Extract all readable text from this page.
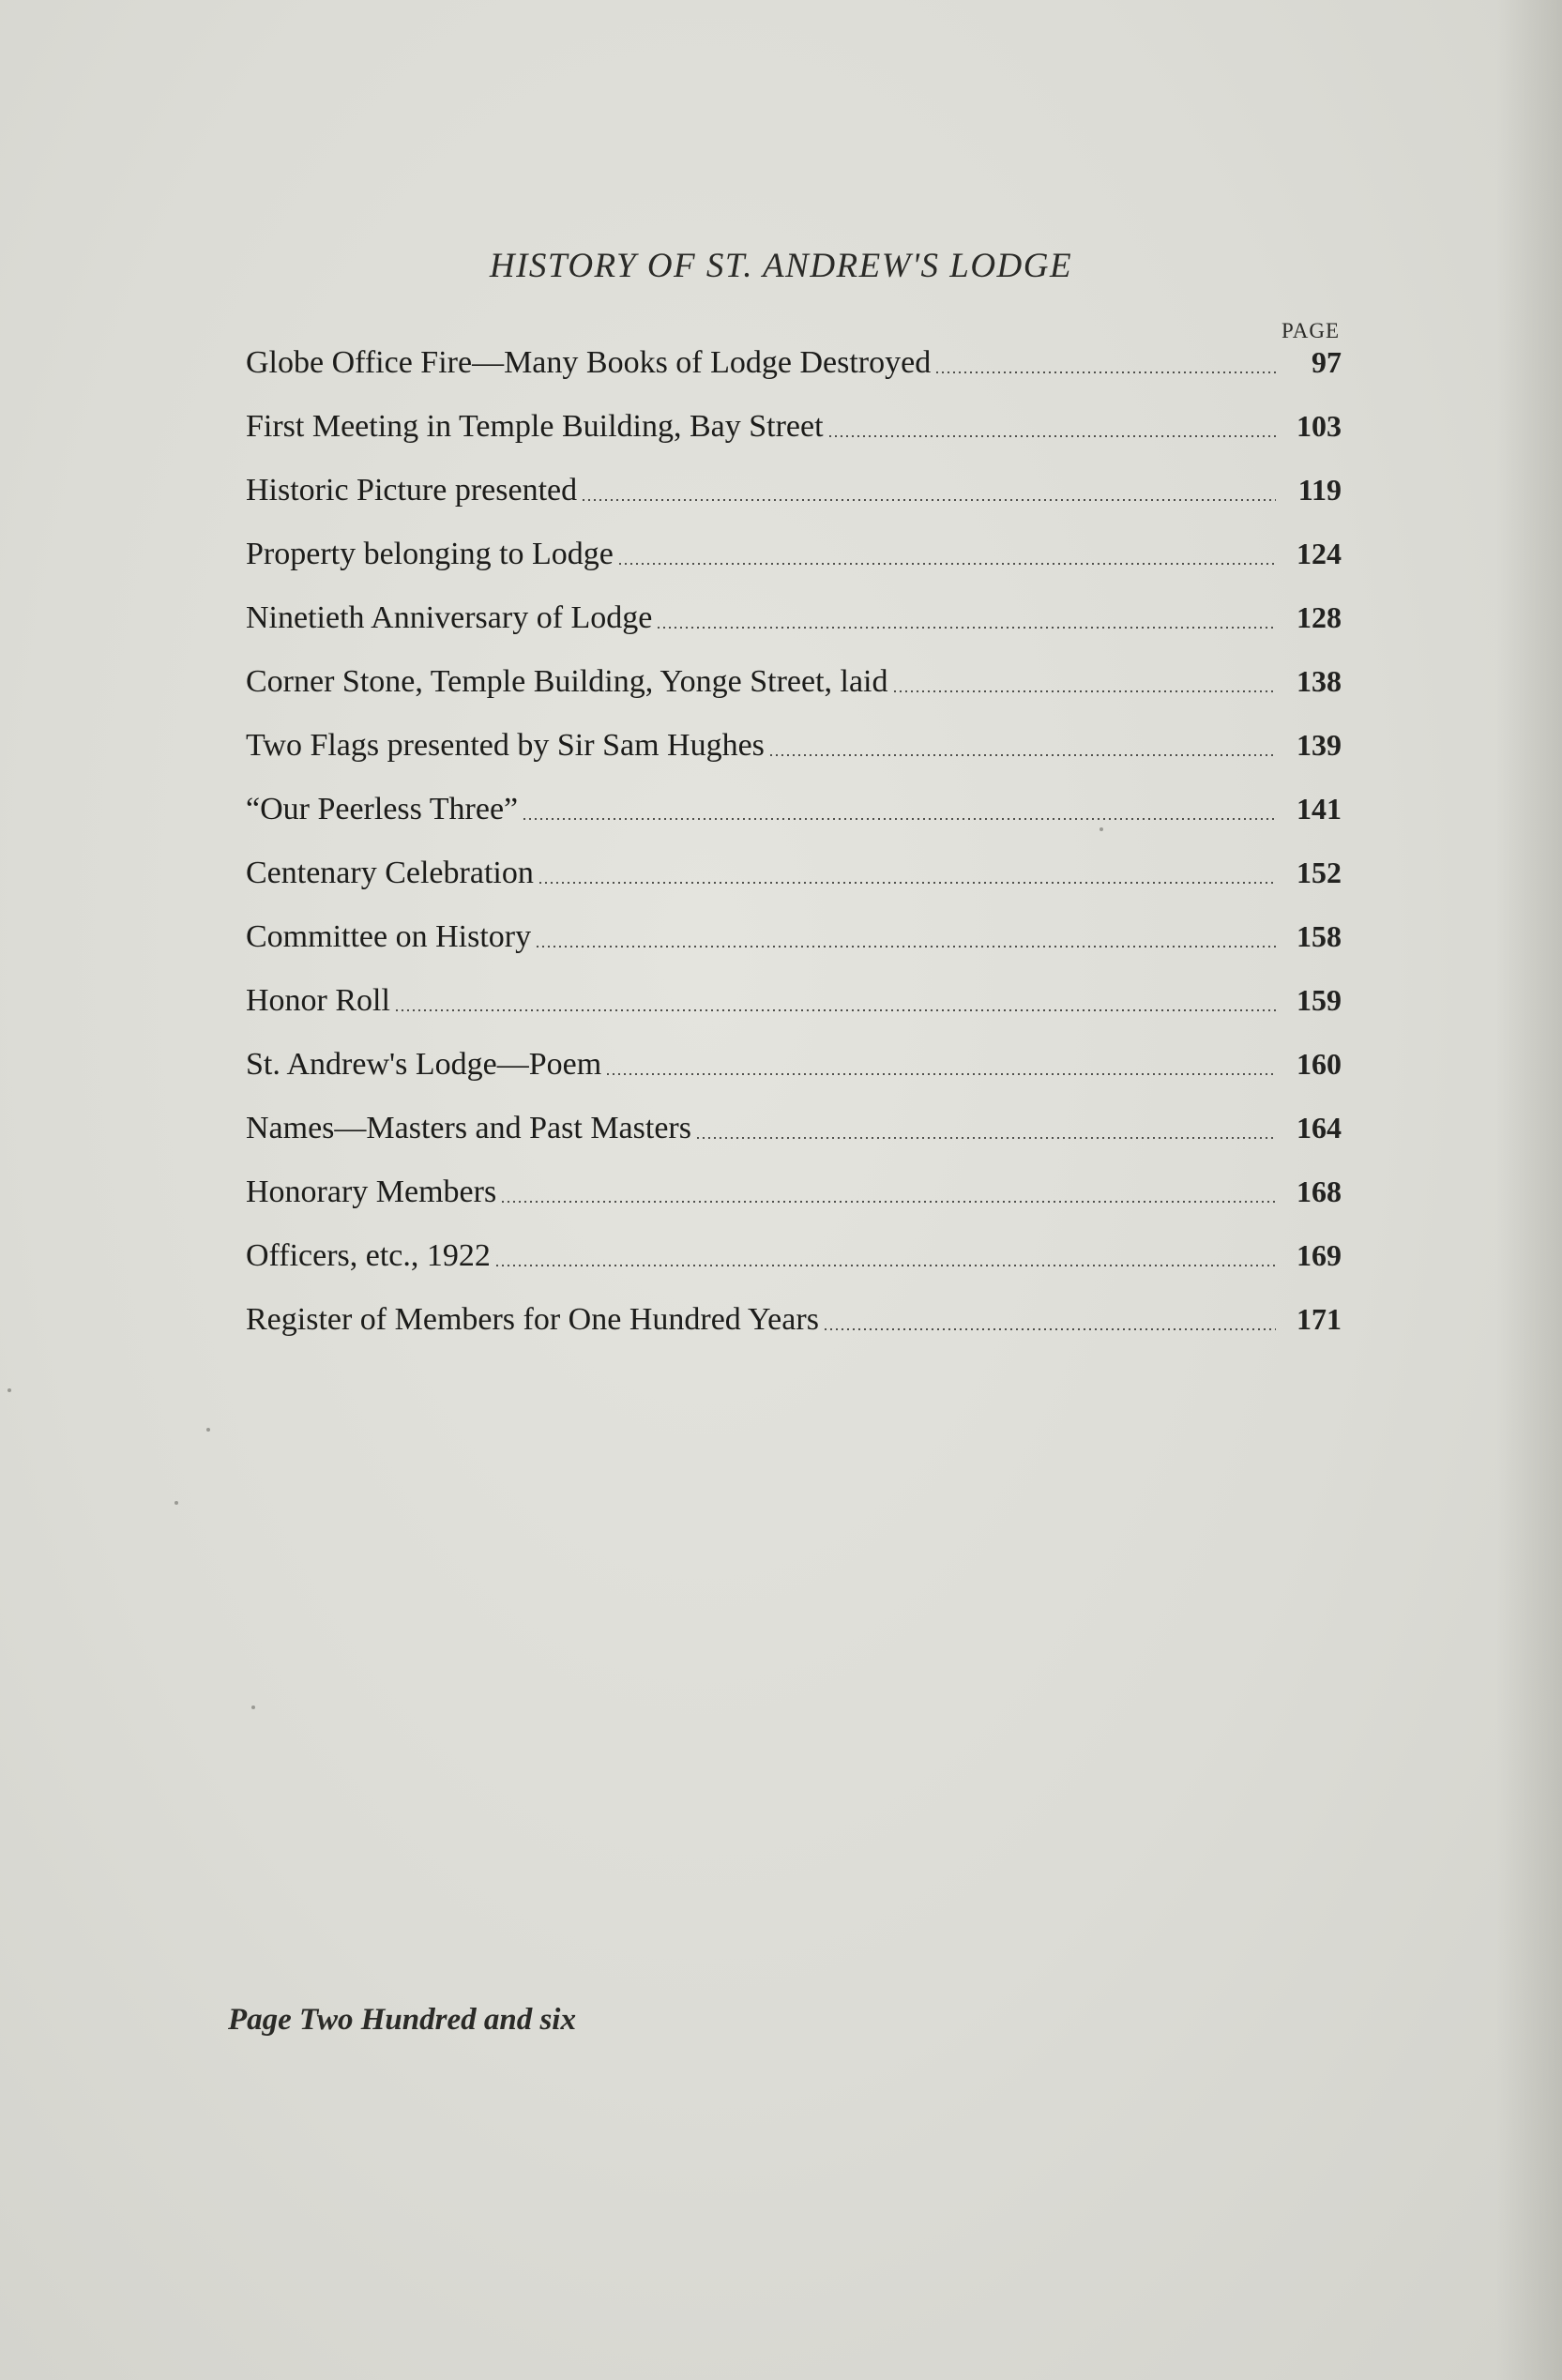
HISTORY OF ST. ANDREW'S LODGE
PAGE
Globe Office Fire—Many Books of Lodge Destroyed	97
First Meeting in Temple Building, Bay Street	103
Historic Picture presented	119
Property belonging to Lodge	124
Ninetieth Anniversary of Lodge	128
Corner Stone, Temple Building, Yonge Street, laid	138
Two Flags presented by Sir Sam Hughes	139
“Our Peerless Three”	141
Centenary Celebration	152
Committee on History	158
Honor Roll	159
St. Andrew's Lodge—Poem	160
Names—Masters and Past Masters	164
Honorary Members	168
Officers, etc., 1922	169
Register of Members for One Hundred Years	171
Page Two Hundred and six
